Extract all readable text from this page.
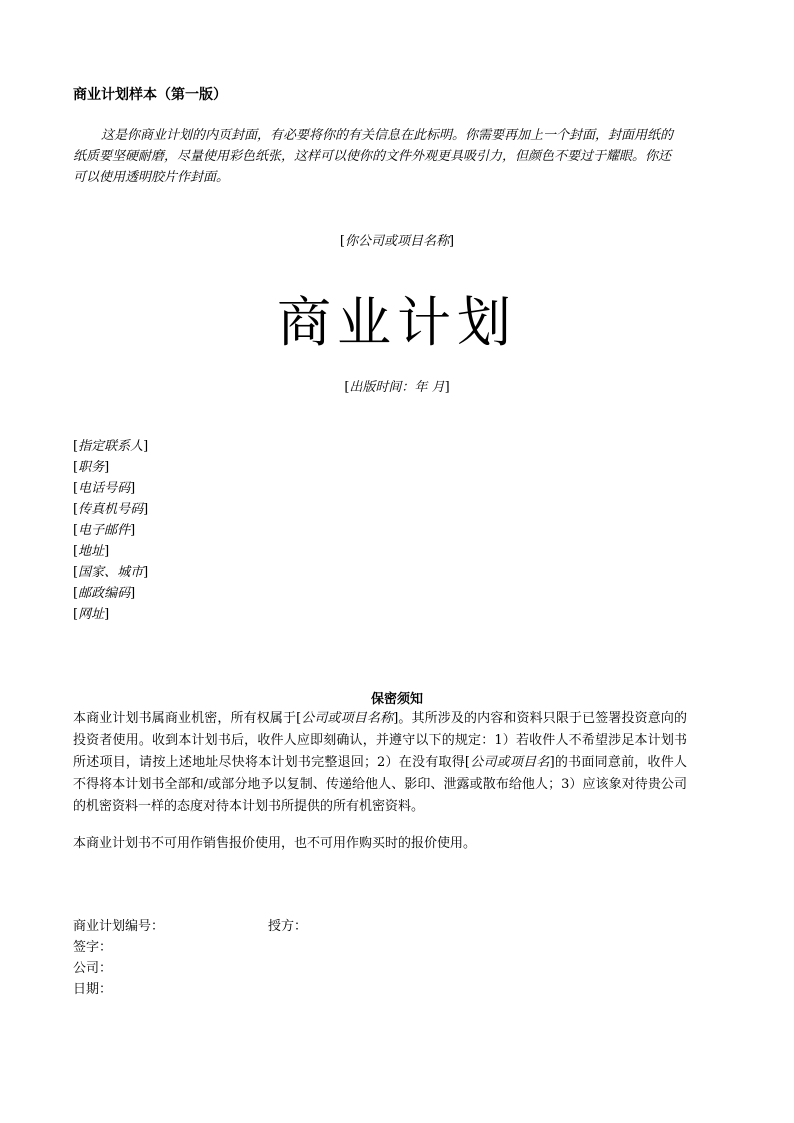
商业计划样本（第一版）
这是你商业计划的内页封面，有必要将你的有关信息在此标明。你需要再加上一个封面，封面用纸的纸质要坚硬耐磨，尽量使用彩色纸张，这样可以使你的文件外观更具吸引力，但颜色不要过于耀眼。你还可以使用透明胶片作封面。
[你公司或项目名称]
商业计划
[出版时间：年 月]
[指定联系人]
[职务]
[电话号码]
[传真机号码]
[电子邮件]
[地址]
[国家、城市]
[邮政编码]
[网址]
保密须知
本商业计划书属商业机密，所有权属于[公司或项目名称]。其所涉及的内容和资料只限于已签署投资意向的投资者使用。收到本计划书后，收件人应即刻确认，并遵守以下的规定：1）若收件人不希望涉足本计划书所述项目，请按上述地址尽快将本计划书完整退回；2）在没有取得[公司或项目名]的书面同意前，收件人不得将本计划书全部和/或部分地予以复制、传递给他人、影印、泄露或散布给他人；3）应该象对待贵公司的机密资料一样的态度对待本计划书所提供的所有机密资料。
本商业计划书不可用作销售报价使用，也不可用作购买时的报价使用。
商业计划编号：
签字：
公司：
日期：
授方：
